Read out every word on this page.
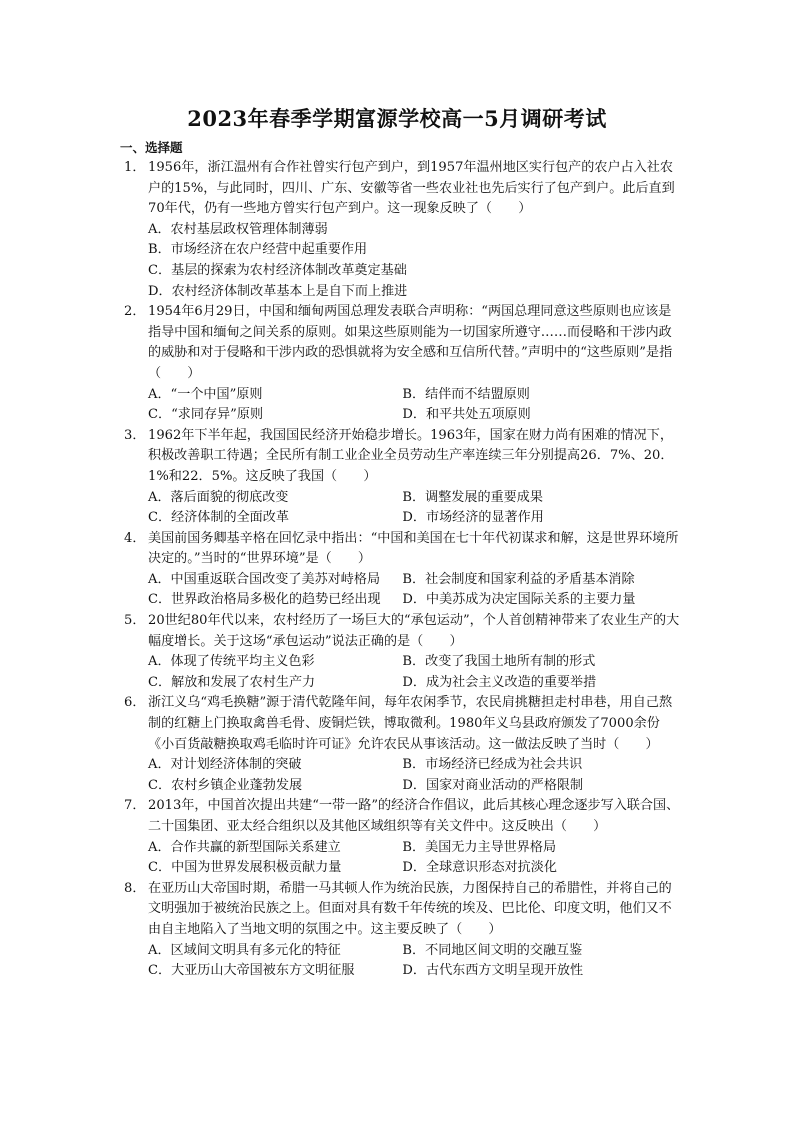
2023年春季学期富源学校高一5月调研考试
一、选择题
1． 1956年，浙江温州有合作社曾实行包产到户，到1957年温州地区实行包产的农户占入社农户的15%，与此同时，四川、广东、安徽等省一些农业社也先后实行了包产到户。此后直到70年代，仍有一些地方曾实行包产到户。这一现象反映了（　　）

A．农村基层政权管理体制薄弱
B．市场经济在农户经营中起重要作用
C．基层的探索为农村经济体制改革奠定基础
D．农村经济体制改革基本上是自下而上推进
2． 1954年6月29日，中国和缅甸两国总理发表联合声明称：“两国总理同意这些原则也应该是指导中国和缅甸之间关系的原则。如果这些原则能为一切国家所遵守……而侵略和干涉内政的威胁和对于侵略和干涉内政的恐惧就将为安全感和互信所代替。”声明中的“这些原则”是指（　　）

A．“一个中国”原则	B．结伴而不结盟原则
C．“求同存异”原则	D．和平共处五项原则
3． 1962年下半年起，我国国民经济开始稳步增长。1963年，国家在财力尚有困难的情况下，积极改善职工待遇；全民所有制工业企业全员劳动生产率连续三年分别提高26．7%、20．1%和22．5%。这反映了我国（　　）

A．落后面貌的彻底改变	B．调整发展的重要成果
C．经济体制的全面改革	D．市场经济的显著作用
4． 美国前国务卿基辛格在回忆录中指出：“中国和美国在七十年代初谋求和解，这是世界环境所决定的。”当时的“世界环境”是（　　）

A．中国重返联合国改变了美苏对峙格局	B．社会制度和国家利益的矛盾基本消除
C．世界政治格局多极化的趋势已经出现	D．中美苏成为决定国际关系的主要力量
5． 20世纪80年代以来，农村经历了一场巨大的“承包运动”，个人首创精神带来了农业生产的大幅度增长。关于这场“承包运动”说法正确的是（　　）

A．体现了传统平均主义色彩	B．改变了我国土地所有制的形式
C．解放和发展了农村生产力	D．成为社会主义改造的重要举措
6． 浙江义乌“鸡毛换糖”源于清代乾隆年间，每年农闲季节，农民肩挑糖担走村串巷，用自己熬制的红糖上门换取禽兽毛骨、废铜烂铁，博取微利。1980年义乌县政府颁发了7000余份《小百货敲糖换取鸡毛临时许可证》允许农民从事该活动。这一做法反映了当时（　　）

A．对计划经济体制的突破	B．市场经济已经成为社会共识
C．农村乡镇企业蓬勃发展	D．国家对商业活动的严格限制
7． 2013年，中国首次提出共建“一带一路”的经济合作倡议，此后其核心理念逐步写入联合国、二十国集团、亚太经合组织以及其他区域组织等有关文件中。这反映出（　　）

A．合作共赢的新型国际关系建立	B．美国无力主导世界格局
C．中国为世界发展积极贡献力量	D．全球意识形态对抗淡化
8． 在亚历山大帝国时期，希腊一马其顿人作为统治民族，力图保持自己的希腊性，并将自己的文明强加于被统治民族之上。但面对具有数千年传统的埃及、巴比伦、印度文明，他们又不由自主地陷入了当地文明的氛围之中。这主要反映了（　　）

A．区域间文明具有多元化的特征	B．不同地区间文明的交融互鉴
C．大亚历山大帝国被东方文明征服	D．古代东西方文明呈现开放性
